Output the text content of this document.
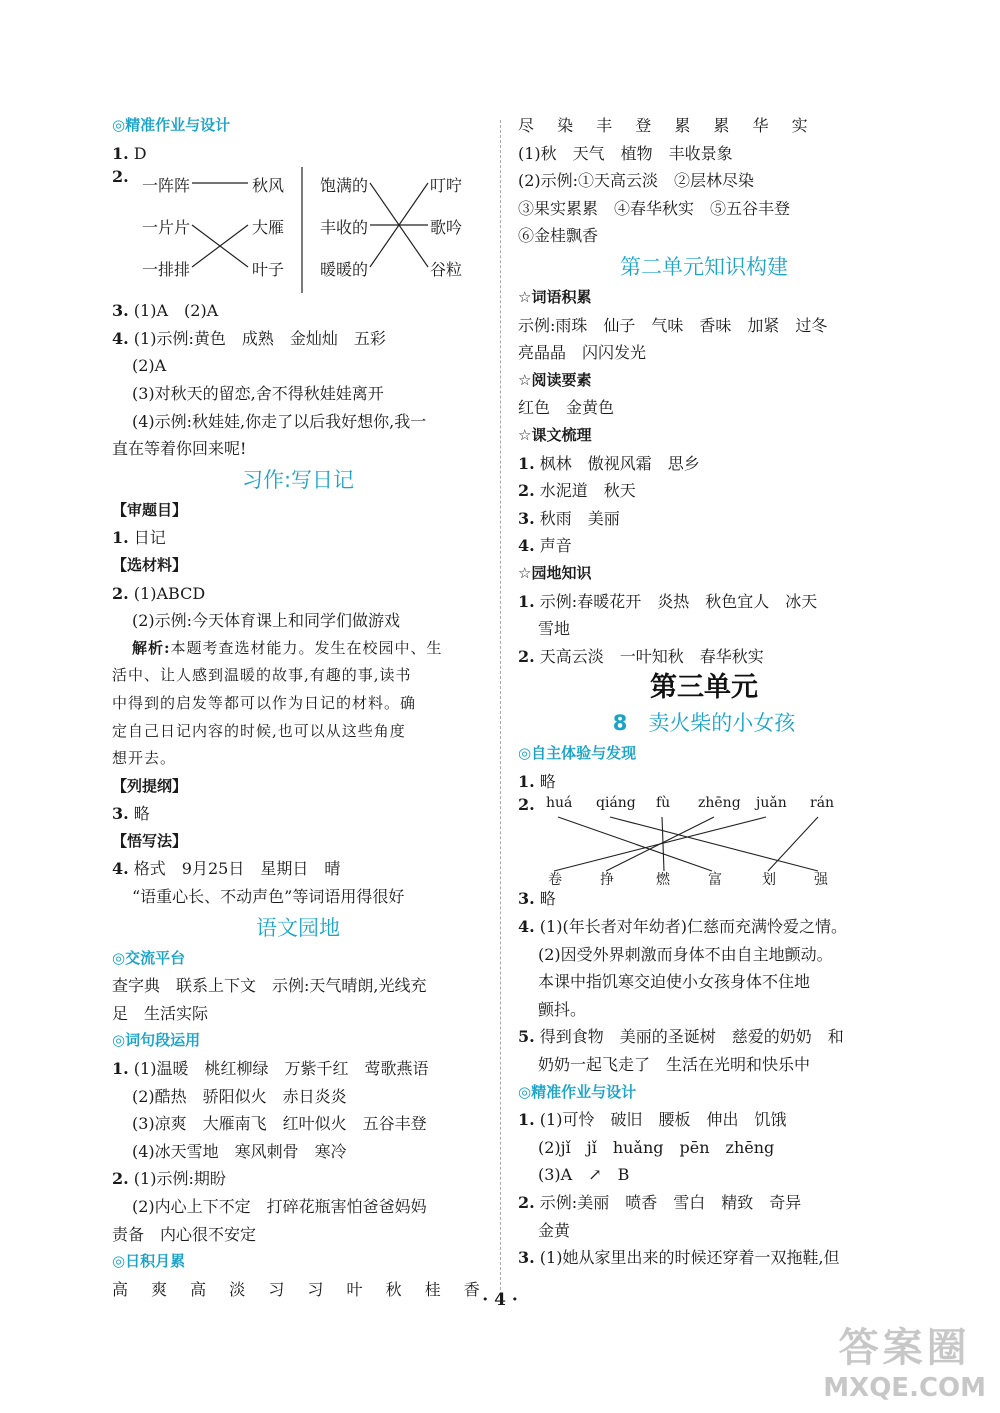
◎精准作业与设计
1. D
2. 一阵阵
一片片
一排排
秋风
大雁
叶子
饱满的
丰收的
暖暖的
叮咛
歌吟
谷粒
3. (1)A　(2)A
4. (1)示例:黄色　成熟　金灿灿　五彩
(2)A
(3)对秋天的留恋,舍不得秋娃娃离开
(4)示例:秋娃娃,你走了以后我好想你,我一
直在等着你回来呢!
习作:写日记
【审题目】
1. 日记
【选材料】
2. (1)ABCD
(2)示例:今天体育课上和同学们做游戏
解析:本题考查选材能力。发生在校园中、生
活中、让人感到温暖的故事,有趣的事,读书
中得到的启发等都可以作为日记的材料。确
定自己日记内容的时候,也可以从这些角度
想开去。
【列提纲】
3. 略
【悟写法】
4. 格式　9月25日　星期日　晴
“语重心长、不动声色”等词语用得很好
语文园地
◎交流平台
查字典　联系上下文　示例:天气晴朗,光线充
足　生活实际
◎词句段运用
1. (1)温暖　桃红柳绿　万紫千红　莺歌燕语
(2)酷热　骄阳似火　赤日炎炎
(3)凉爽　大雁南飞　红叶似火　五谷丰登
(4)冰天雪地　寒风刺骨　寒冷
2. (1)示例:期盼
(2)内心上下不定　打碎花瓶害怕爸爸妈妈
责备　内心很不安定
◎日积月累
高 爽 高 淡 习 习 叶 秋 桂 香
尽 染 丰 登 累 累 华 实
(1)秋　天气　植物　丰收景象
(2)示例:①天高云淡　②层林尽染
③果实累累　④春华秋实　⑤五谷丰登
⑥金桂飘香
第二单元知识构建
☆词语积累
示例:雨珠　仙子　气味　香味　加紧　过冬
亮晶晶　闪闪发光
☆阅读要素
红色　金黄色
☆课文梳理
1. 枫林　傲视风霜　思乡
2. 水泥道　秋天
3. 秋雨　美丽
4. 声音
☆园地知识
1. 示例:春暖花开　炎热　秋色宜人　冰天
雪地
2. 天高云淡　一叶知秋　春华秋实
第三单元
8　 卖火柴的小女孩
◎自主体验与发现
1. 略
2. huá qiáng fù zhēng juǎn rán
卷	挣	燃	富	划	强
3. 略
4. (1)(年长者对年幼者)仁慈而充满怜爱之情。
(2)因受外界刺激而身体不由自主地颤动。
本课中指饥寒交迫使小女孩身体不住地
颤抖。
5. 得到食物　美丽的圣诞树　慈爱的奶奶　和
奶奶一起飞走了　生活在光明和快乐中
◎精准作业与设计
1. (1)可怜　破旧　腰板　伸出　饥饿
(2)jǐ　jǐ　huǎng　pēn　zhēng
(3)A　↗　B
2. 示例:美丽　喷香　雪白　精致　奇异
金黄
3. (1)她从家里出来的时候还穿着一双拖鞋,但
· 4 ·
答案圈
MXQE.COM
